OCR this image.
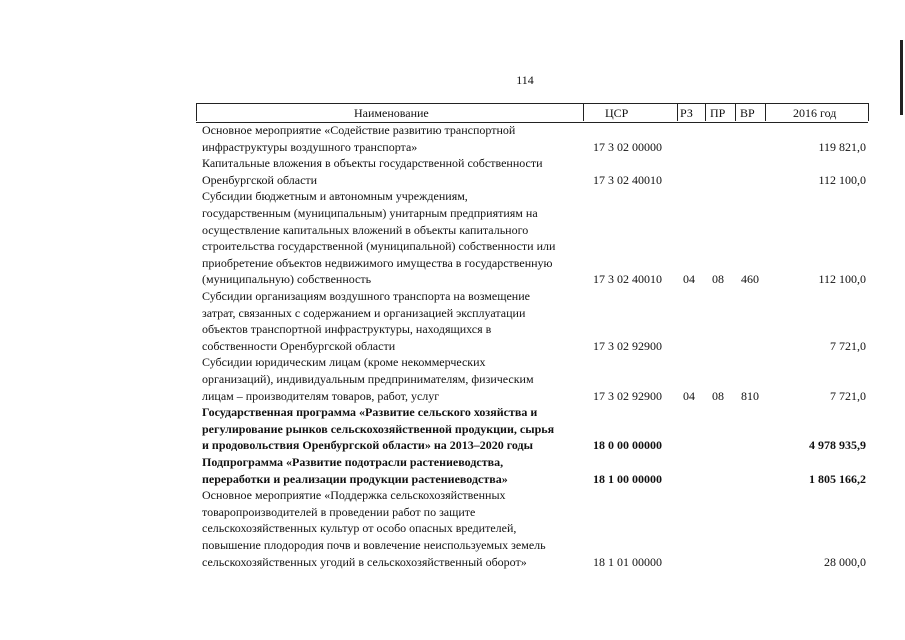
114
Наименование	ЦСР	РЗ ПР ВР	2016 год
Основное мероприятие «Содействие развитию транспортной
инфраструктуры воздушного транспорта»	17 3 02 00000	119 821,0
Капитальные вложения в объекты государственной собственности
Оренбургской области	17 3 02 40010	112 100,0
Субсидии бюджетным и автономным учреждениям,
государственным (муниципальным) унитарным предприятиям на
осуществление капитальных вложений в объекты капитального
строительства государственной (муниципальной) собственности или
приобретение объектов недвижимого имущества в государственную
(муниципальную) собственность	17 3 02 40010 04 08 460	112 100,0
Субсидии организациям воздушного транспорта на возмещение
затрат, связанных с содержанием и организацией эксплуатации
объектов транспортной инфраструктуры, находящихся в
собственности Оренбургской области	17 3 02 92900	7 721,0
Субсидии юридическим лицам (кроме некоммерческих
организаций), индивидуальным предпринимателям, физическим
лицам – производителям товаров, работ, услуг	17 3 02 92900 04 08 810	7 721,0
Государственная программа «Развитие сельского хозяйства и
регулирование рынков сельскохозяйственной продукции, сырья
и продовольствия Оренбургской области» на 2013–2020 годы	18 0 00 00000	4 978 935,9
Подпрограмма «Развитие подотрасли растениеводства,
переработки и реализации продукции растениеводства»	18 1 00 00000	1 805 166,2
Основное мероприятие «Поддержка сельскохозяйственных
товаропроизводителей в проведении работ по защите
сельскохозяйственных культур от особо опасных вредителей,
повышение плодородия почв и вовлечение неиспользуемых земель
сельскохозяйственных угодий в сельскохозяйственный оборот»	18 1 01 00000	28 000,0
